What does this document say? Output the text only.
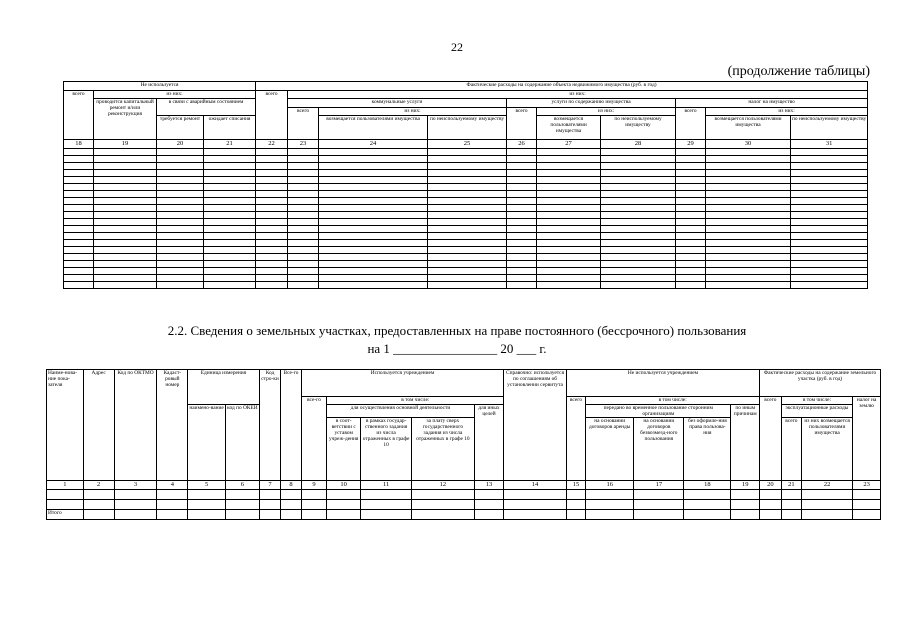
22
(продолжение таблицы)
Не используется				Фактические расходы на содержание объекта недвижимого имущества (руб. в год)									
всего	из них:			всего	из них:								
	проводится капитальный ремонт и/или реконструкция	в связи с аварийным состоянием			коммунальные услуги			услуги по содержанию имущества			налог на имущество		
					всего	из них:		всего	из них:		всего	из них:	
		требуется ремонт	ожидает списания			возмещается пользователями имущества	по неиспользуемому имуществу		возмещается пользователями имущества	по неиспользуемому имуществу		возмещается пользователями имущества	по неиспользуемому имуществу
18	19	20	21	22	23	24	25	26	27	28	29	30	31

2.2. Сведения о земельных участках, предоставленных на праве постоянного (бессрочного) пользования
на 1 ________________ 20 ___ г.
Наиме-нова-ние пока-зателя	Адрес	Код по ОКТМО	Кадаст-ровый номер	Единица измерения		Код стро-ки	Все-го	Используется учреждением					Справочно: используется по соглашениям об установлении сервитута	Не используется учреждением					Фактические расходы на содержание земельного участка (руб. в год)			

								все-го	в том числе:					всего	в том числе:				всего	в том числе:		налог на землю
				наимено-вание	код по ОКЕИ				для осуществления основной деятельности			для иных целей			передано во временное пользование сторонним организациям			по иным причинам		эксплуатационные расходы		
									в соот-ветствии с уставом учреж-дения	в рамках государ-ственного задания из числа отраженных в графе 10	за плату сверх государственного задания из числа отраженных в графе 10				на основании договоров аренды	на основании договоров безвозмезд-ного пользования	без оформле-ния права пользова-ния			всего	из них возмещается пользователями имущества	

1	2	3	4	5	6	7	8	9	10	11	12	13	14	15	16	17	18	19	20	21	22	23

Итого																						
